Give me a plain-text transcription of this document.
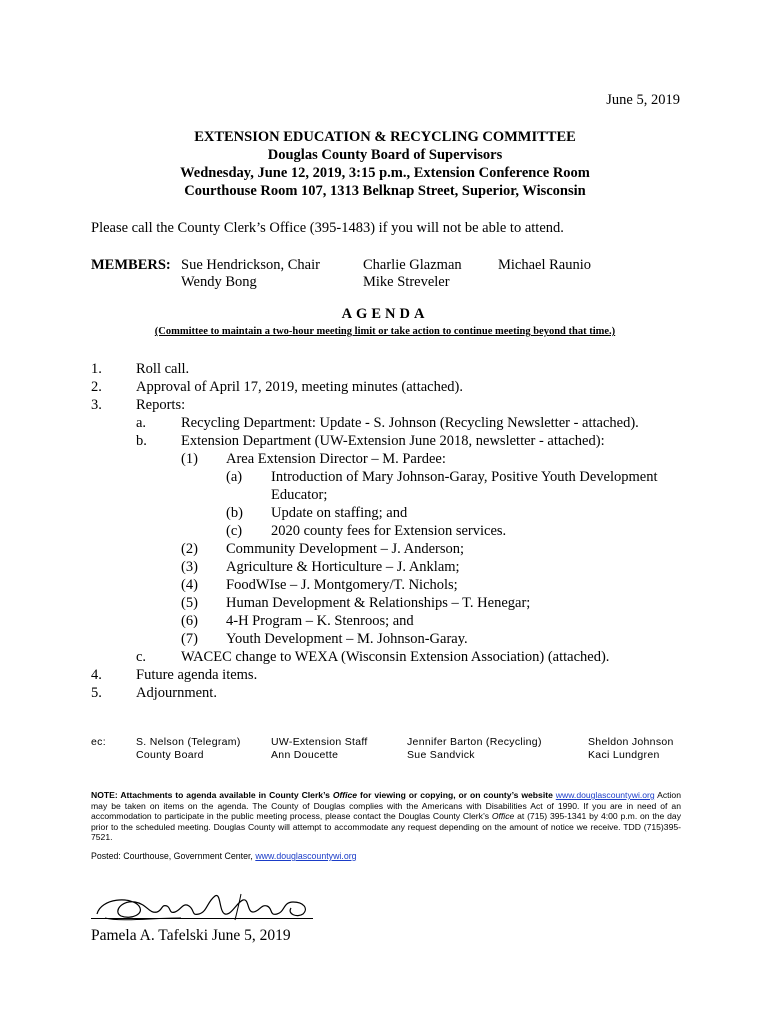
June 5, 2019
EXTENSION EDUCATION & RECYCLING COMMITTEE
Douglas County Board of Supervisors
Wednesday, June 12, 2019, 3:15 p.m., Extension Conference Room
Courthouse Room 107, 1313 Belknap Street, Superior, Wisconsin
Please call the County Clerk’s Office (395-1483) if you will not be able to attend.
MEMBERS: Sue Hendrickson, Chair
Wendy Bong
Charlie Glazman
Mike Streveler
Michael Raunio
AGENDA
(Committee to maintain a two-hour meeting limit or take action to continue meeting beyond that time.)
1. Roll call.
2. Approval of April 17, 2019, meeting minutes (attached).
3. Reports:
a. Recycling Department: Update - S. Johnson (Recycling Newsletter - attached).
b. Extension Department (UW-Extension June 2018, newsletter - attached):
(1) Area Extension Director – M. Pardee:
(a) Introduction of Mary Johnson-Garay, Positive Youth Development
Educator;
(b) Update on staffing; and
(c) 2020 county fees for Extension services.
(2) Community Development – J. Anderson;
(3) Agriculture & Horticulture – J. Anklam;
(4) FoodWIse – J. Montgomery/T. Nichols;
(5) Human Development & Relationships – T. Henegar;
(6) 4-H Program – K. Stenroos; and
(7) Youth Development – M. Johnson-Garay.
c. WACEC change to WEXA (Wisconsin Extension Association) (attached).
4. Future agenda items.
5. Adjournment.
ec:	S. Nelson (Telegram)
County Board
UW-Extension Staff
Ann Doucette
Jennifer Barton (Recycling)
Sue Sandvick
Sheldon Johnson
Kaci Lundgren
NOTE: Attachments to agenda available in County Clerk’s Office for viewing or copying, or on county’s website www.douglascountywi.org Action may be taken on items on the agenda. The County of Douglas complies with the Americans with Disabilities Act of 1990. If you are in need of an accommodation to participate in the public meeting process, please contact the Douglas County Clerk’s Office at (715) 395-1341 by 4:00 p.m. on the day prior to the scheduled meeting. Douglas County will attempt to accommodate any request depending on the amount of notice we receive. TDD (715)395-7521.
Posted: Courthouse, Government Center, www.douglascountywi.org
Pamela A. Tafelski June 5, 2019
